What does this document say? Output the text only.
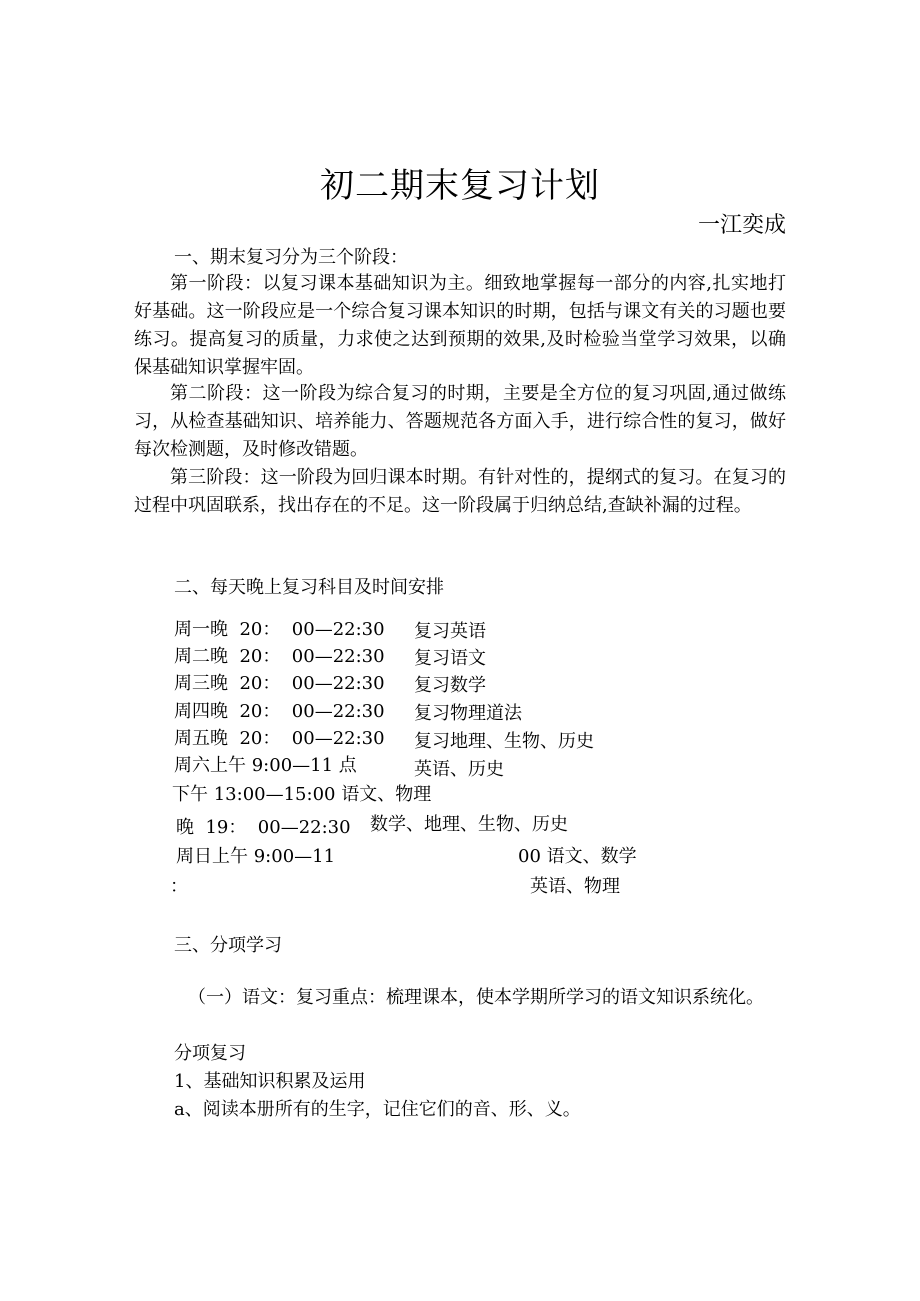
初二期末复习计划
一江奕成
一、期末复习分为三个阶段：

第一阶段：以复习课本基础知识为主。细致地掌握每一部分的内容,扎实地打好基础。这一阶段应是一个综合复习课本知识的时期，包括与课文有关的习题也要练习。提高复习的质量，力求使之达到预期的效果,及时检验当堂学习效果，以确保基础知识掌握牢固。

第二阶段：这一阶段为综合复习的时期，主要是全方位的复习巩固,通过做练习，从检查基础知识、培养能力、答题规范各方面入手，进行综合性的复习，做好每次检测题，及时修改错题。

第三阶段：这一阶段为回归课本时期。有针对性的，提纲式的复习。在复习的过程中巩固联系，找出存在的不足。这一阶段属于归纳总结,查缺补漏的过程。

二、每天晚上复习科目及时间安排
周一晚  20：  00—22:30 复习英语
周二晚  20：  00—22:30 复习语文
周三晚  20：  00—22:30 复习数学
周四晚  20：  00—22:30 复习物理道法
周五晚  20：  00—22:30 复习地理、生物、历史
周六上午 9:00—11 点	英语、历史
下午 13:00—15:00 语文、物理
晚  19：  00—22:30 数学、地理、生物、历史
周日上午 9:00—11	00 语文、数学
：	英语、物理
三、分项学习

（一）语文：复习重点：梳理课本，使本学期所学习的语文知识系统化。

分项复习
1、基础知识积累及运用
a、阅读本册所有的生字，记住它们的音、形、义。
